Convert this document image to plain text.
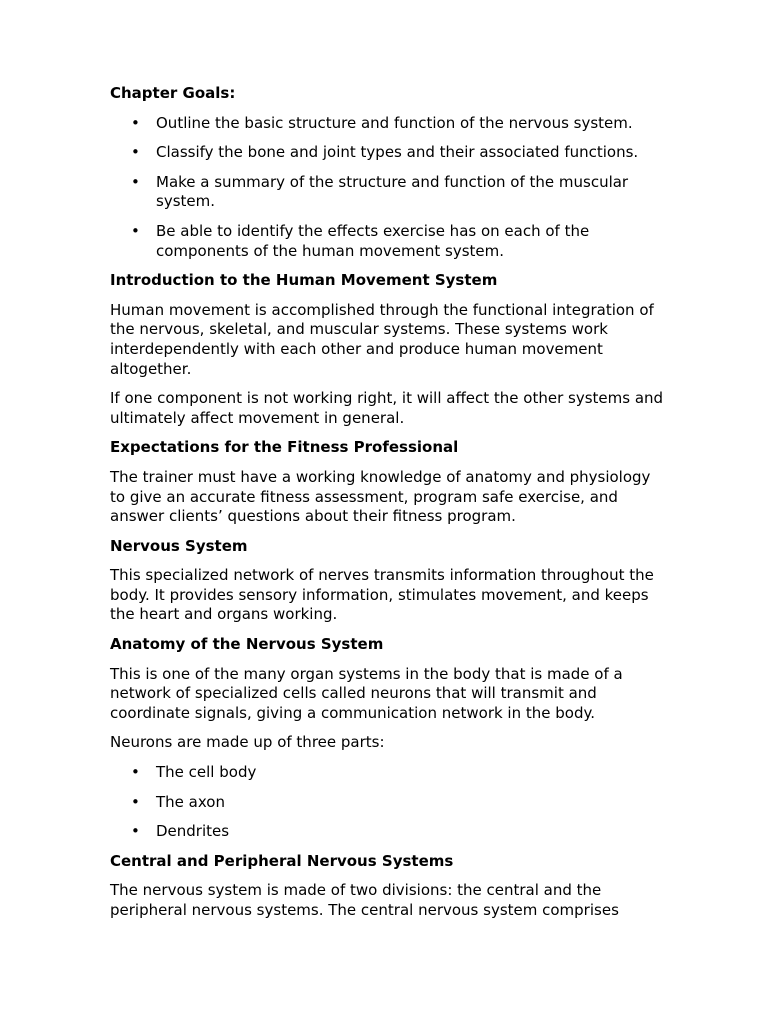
Chapter Goals:
• Outline the basic structure and function of the nervous system.
• Classify the bone and joint types and their associated functions.
• Make a summary of the structure and function of the muscular system.
• Be able to identify the effects exercise has on each of the components of the human movement system.
Introduction to the Human Movement System

Human movement is accomplished through the functional integration of the nervous, skeletal, and muscular systems. These systems work interdependently with each other and produce human movement altogether.

If one component is not working right, it will affect the other systems and ultimately affect movement in general.

Expectations for the Fitness Professional

The trainer must have a working knowledge of anatomy and physiology to give an accurate fitness assessment, program safe exercise, and answer clients’ questions about their fitness program.

Nervous System

This specialized network of nerves transmits information throughout the body. It provides sensory information, stimulates movement, and keeps the heart and organs working.

Anatomy of the Nervous System

This is one of the many organ systems in the body that is made of a network of specialized cells called neurons that will transmit and coordinate signals, giving a communication network in the body.

Neurons are made up of three parts:

• The cell body
• The axon
• Dendrites
Central and Peripheral Nervous Systems

The nervous system is made of two divisions: the central and the peripheral nervous systems. The central nervous system comprises
